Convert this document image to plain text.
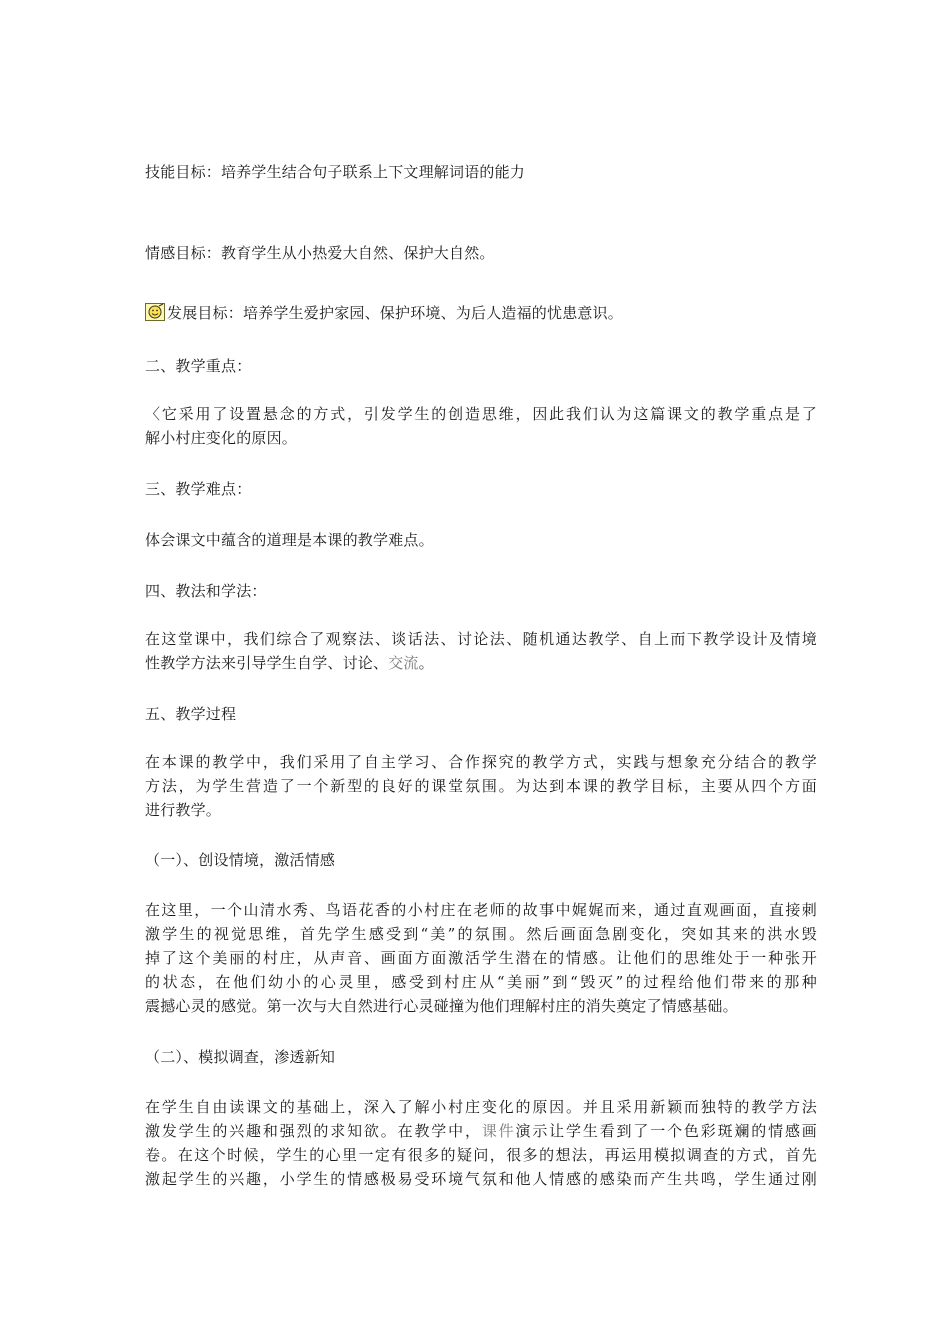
技能目标：培养学生结合句子联系上下文理解词语的能力
情感目标：教育学生从小热爱大自然、保护大自然。
发展目标：培养学生爱护家园、保护环境、为后人造福的忧患意识。
二、教学重点：
〈它采用了设置悬念的方式，引发学生的创造思维，因此我们认为这篇课文的教学重点是了
解小村庄变化的原因。
三、教学难点：
体会课文中蕴含的道理是本课的教学难点。
四、教法和学法：
在这堂课中，我们综合了观察法、谈话法、讨论法、随机通达教学、自上而下教学设计及情境
性教学方法来引导学生自学、讨论、交流。
五、教学过程
在本课的教学中，我们采用了自主学习、合作探究的教学方式，实践与想象充分结合的教学
方法，为学生营造了一个新型的良好的课堂氛围。为达到本课的教学目标，主要从四个方面
进行教学。
（一）、创设情境，激活情感
在这里，一个山清水秀、鸟语花香的小村庄在老师的故事中娓娓而来，通过直观画面，直接刺
激学生的视觉思维，首先学生感受到“美”的氛围。然后画面急剧变化，突如其来的洪水毁
掉了这个美丽的村庄，从声音、画面方面激活学生潜在的情感。让他们的思维处于一种张开
的状态，在他们幼小的心灵里，感受到村庄从“美丽”到“毁灭”的过程给他们带来的那种
震撼心灵的感觉。第一次与大自然进行心灵碰撞为他们理解村庄的消失奠定了情感基础。
（二）、模拟调查，渗透新知
在学生自由读课文的基础上，深入了解小村庄变化的原因。并且采用新颖而独特的教学方法
激发学生的兴趣和强烈的求知欲。在教学中，课件演示让学生看到了一个色彩斑斓的情感画
卷。在这个时候，学生的心里一定有很多的疑问，很多的想法，再运用模拟调查的方式，首先
激起学生的兴趣，小学生的情感极易受环境气氛和他人情感的感染而产生共鸣，学生通过刚
